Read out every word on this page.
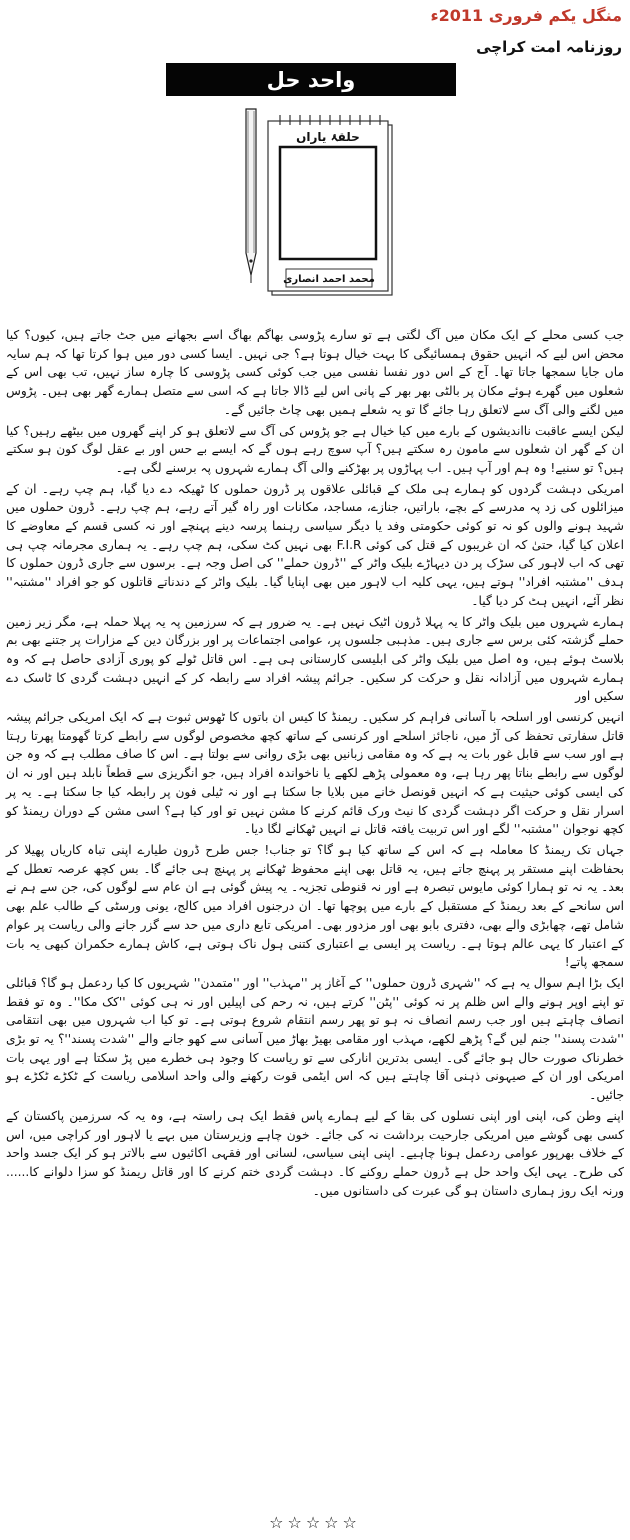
منگل یکم فروری 2011ء
روزنامہ امت کراچی
واحد حل
محمد احمد انصاری
حلقۂ یاراں

جب کسی محلے کے ایک مکان میں آگ لگتی ہے تو سارے پڑوسی بھاگم بھاگ اسے بجھانے میں جٹ جاتے ہیں، کیوں؟ کیا محض اس لیے کہ انہیں حقوق ہمسائیگی کا بہت خیال ہوتا ہے؟ جی نہیں۔ ایسا کسی دور میں ہوا کرتا تھا کہ ہم سایہ ماں جایا سمجھا جاتا تھا۔ آج کے اس دور نفسا نفسی میں جب کوئی کسی پڑوسی کا چارہ ساز نہیں، تب بھی اس کے شعلوں میں گھرے ہوئے مکان پر بالٹی بھر بھر کے پانی اس لیے ڈالا جاتا ہے کہ اسی سے متصل ہمارے گھر بھی ہیں۔ پڑوس میں لگنے والی آگ سے لاتعلق رہا جائے گا تو یہ شعلے ہمیں بھی چاٹ جائیں گے۔

لیکن ایسے عاقبت نااندیشوں کے بارے میں کیا خیال ہے جو پڑوس کی آگ سے لاتعلق ہو کر اپنے گھروں میں بیٹھے رہیں؟ کیا ان کے گھر ان شعلوں سے مامون رہ سکتے ہیں؟ آپ سوچ رہے ہوں گے کہ ایسے بے حس اور بے عقل لوگ کون ہو سکتے ہیں؟ تو سنیے! وہ ہم اور آپ ہیں۔ اب پہاڑوں پر بھڑکنے والی آگ ہمارے شہروں پہ برسنے لگی ہے۔

امریکی دہشت گردوں کو ہمارے ہی ملک کے قبائلی علاقوں پر ڈرون حملوں کا ٹھیکہ دے دیا گیا، ہم چپ رہے۔ ان کے میزائلوں کی زد پہ مدرسے کے بچے، باراتیں، جنازے، مساجد، مکانات اور راہ گیر آتے رہے، ہم چپ رہے۔ ڈرون حملوں میں شہید ہونے والوں کو نہ تو کوئی حکومتی وفد یا دیگر سیاسی رہنما پرسہ دینے پہنچے اور نہ کسی قسم کے معاوضے کا اعلان کیا گیا، حتیٰ کہ ان غریبوں کے قتل کی کوئی F.I.R بھی نہیں کٹ سکی، ہم چپ رہے۔ یہ ہماری مجرمانہ چپ ہی تھی کہ اب لاہور کی سڑک پر دن دیہاڑے بلیک واٹر کے ''ڈرون حملے'' کی اصل وجہ ہے۔ برسوں سے جاری ڈرون حملوں کا ہدف ''مشتبہ افراد'' ہوتے ہیں، یہی کلیہ اب لاہور میں بھی اپنایا گیا۔ بلیک واٹر کے دندناتے قاتلوں کو جو افراد ''مشتبہ'' نظر آئے، انہیں ہٹ کر دیا گیا۔

ہمارے شہروں میں بلیک واٹر کا یہ پہلا ڈرون اٹیک نہیں ہے۔ یہ ضرور ہے کہ سرزمین پہ یہ پہلا حملہ ہے، مگر زیر زمین حملے گزشتہ کئی برس سے جاری ہیں۔ مذہبی جلسوں پر، عوامی اجتماعات پر اور بزرگان دین کے مزارات پر جتنے بھی بم بلاسٹ ہوئے ہیں، وہ اصل میں بلیک واٹر کی ابلیسی کارستانی ہی ہے۔ اس قاتل ٹولے کو پوری آزادی حاصل ہے کہ وہ ہمارے شہروں میں آزادانہ نقل و حرکت کر سکیں۔ جرائم پیشہ افراد سے رابطہ کر کے انہیں دہشت گردی کا ٹاسک دے سکیں اور

انہیں کرنسی اور اسلحہ با آسانی فراہم کر سکیں۔ ریمنڈ کا کیس ان باتوں کا ٹھوس ثبوت ہے کہ ایک امریکی جرائم پیشہ قاتل سفارتی تحفظ کی آڑ میں، ناجائز اسلحے اور کرنسی کے ساتھ کچھ مخصوص لوگوں سے رابطے کرتا گھومتا پھرتا رہتا ہے اور سب سے قابل غور بات یہ ہے کہ وہ مقامی زبانیں بھی بڑی روانی سے بولتا ہے۔ اس کا صاف مطلب ہے کہ وہ جن لوگوں سے رابطے بناتا پھر رہا ہے، وہ معمولی پڑھے لکھے یا ناخواندہ افراد ہیں، جو انگریزی سے قطعاً نابلد ہیں اور نہ ان کی ایسی کوئی حیثیت ہے کہ انہیں قونصل خانے میں بلایا جا سکتا ہے اور نہ ٹیلی فون پر رابطہ کیا جا سکتا ہے۔ یہ پر اسرار نقل و حرکت اگر دہشت گردی کا نیٹ ورک قائم کرنے کا مشن نہیں تو اور کیا ہے؟ اسی مشن کے دوران ریمنڈ کو کچھ نوجوان ''مشتبہ'' لگے اور اس تربیت یافتہ قاتل نے انہیں ٹھکانے لگا دیا۔

جہاں تک ریمنڈ کا معاملہ ہے کہ اس کے ساتھ کیا ہو گا؟ تو جناب! جس طرح ڈرون طیارے اپنی تباہ کاریاں پھیلا کر بحفاظت اپنے مستقر پر پہنچ جاتے ہیں، یہ قاتل بھی اپنے محفوظ ٹھکانے پر پہنچ ہی جائے گا۔ بس کچھ عرصہ تعطل کے بعد۔ یہ نہ تو ہمارا کوئی مایوس تبصرہ ہے اور نہ قنوطی تجزیہ۔ یہ پیش گوئی ہے ان عام سے لوگوں کی، جن سے ہم نے اس سانحے کے بعد ریمنڈ کے مستقبل کے بارے میں پوچھا تھا۔ ان درجنوں افراد میں کالج، یونی ورسٹی کے طالب علم بھی شامل تھے، چھابڑی والے بھی، دفتری بابو بھی اور مزدور بھی۔ امریکی تابع داری میں حد سے گزر جانے والی ریاست پر عوام کے اعتبار کا یہی عالم ہوتا ہے۔ ریاست پر ایسی بے اعتباری کتنی ہول ناک ہوتی ہے، کاش ہمارے حکمران کبھی یہ بات سمجھ پاتے!

ایک بڑا اہم سوال یہ ہے کہ ''شہری ڈرون حملوں'' کے آغاز پر ''مہذب'' اور ''متمدن'' شہریوں کا کیا ردعمل ہو گا؟ قبائلی تو اپنے اوپر ہونے والے اس ظلم پر نہ کوئی ''پٹن'' کرتے ہیں، نہ رحم کی اپیلیں اور نہ ہی کوئی ''کک مکا''۔ وہ تو فقط انصاف چاہتے ہیں اور جب رسم انصاف نہ ہو تو پھر رسم انتقام شروع ہوتی ہے۔ تو کیا اب شہروں میں بھی انتقامی ''شدت پسند'' جنم لیں گے؟ پڑھے لکھے، مہذب اور مقامی بھیڑ بھاڑ میں آسانی سے کھو جانے والے ''شدت پسند''؟ یہ تو بڑی خطرناک صورت حال ہو جائے گی۔ ایسی بدترین انارکی سے تو ریاست کا وجود ہی خطرے میں پڑ سکتا ہے اور یہی بات امریکی اور ان کے صیہونی ذہنی آقا چاہتے ہیں کہ اس ایٹمی قوت رکھنے والی واحد اسلامی ریاست کے ٹکڑے ٹکڑے ہو جائیں۔

اپنے وطن کی، اپنی اور اپنی نسلوں کی بقا کے لیے ہمارے پاس فقط ایک ہی راستہ ہے، وہ یہ کہ سرزمین پاکستان کے کسی بھی گوشے میں امریکی جارحیت برداشت نہ کی جائے۔ خون چاہے وزیرستان میں بہے یا لاہور اور کراچی میں، اس کے خلاف بھرپور عوامی ردعمل ہونا چاہیے۔ اپنی اپنی سیاسی، لسانی اور فقہی اکائیوں سے بالاتر ہو کر ایک جسد واحد کی طرح۔ یہی ایک واحد حل ہے ڈرون حملے روکنے کا۔ دہشت گردی ختم کرنے کا اور قاتل ریمنڈ کو سزا دلوانے کا...... ورنہ ایک روز ہماری داستان ہو گی عبرت کی داستانوں میں۔

☆☆☆☆☆
